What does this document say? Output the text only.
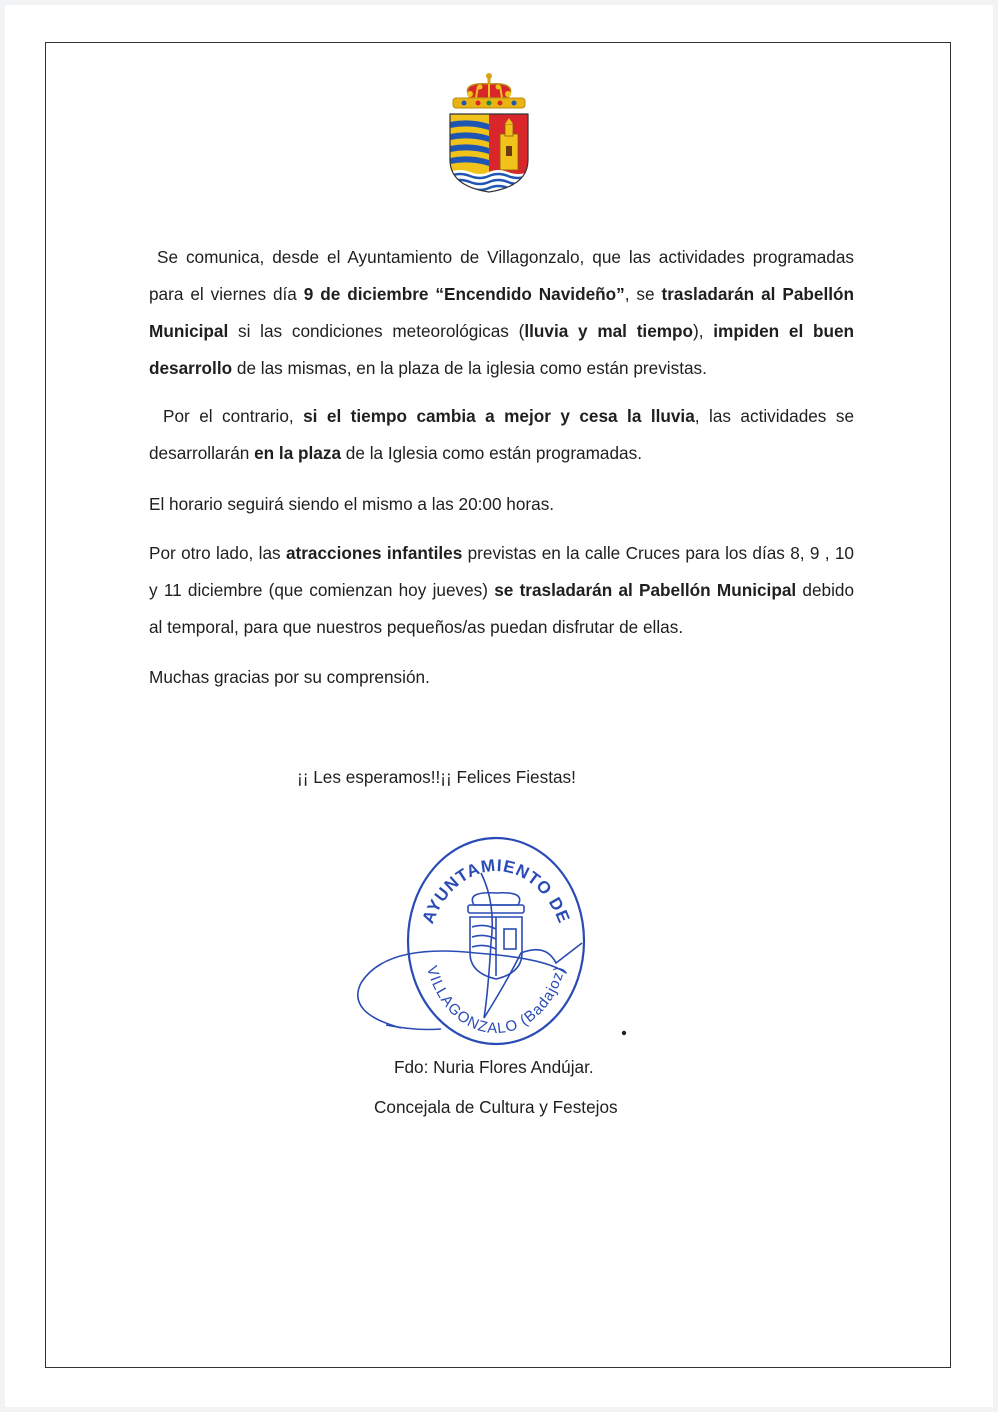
Se comunica, desde el Ayuntamiento de Villagonzalo, que las actividades programadas para el viernes día 9 de diciembre “Encendido Navideño”, se trasladarán al Pabellón Municipal si las condiciones meteorológicas (lluvia y mal tiempo), impiden el buen desarrollo de las mismas, en la plaza de la iglesia como están previstas.
Por el contrario, si el tiempo cambia a mejor y cesa la lluvia, las actividades se desarrollarán en la plaza de la Iglesia como están programadas.
El horario seguirá siendo el mismo a las 20:00 horas.
Por otro lado, las atracciones infantiles previstas en la calle Cruces para los días 8, 9 , 10 y 11 diciembre (que comienzan hoy jueves) se trasladarán al Pabellón Municipal debido al temporal, para que nuestros pequeños/as puedan disfrutar de ellas.
Muchas gracias por su comprensión.
¡¡ Les esperamos!!¡¡ Felices Fiestas!
AYUNTAMIENTO DE
VILLAGONZALO (Badajoz)
Fdo: Nuria Flores Andújar.
Concejala de Cultura y Festejos
